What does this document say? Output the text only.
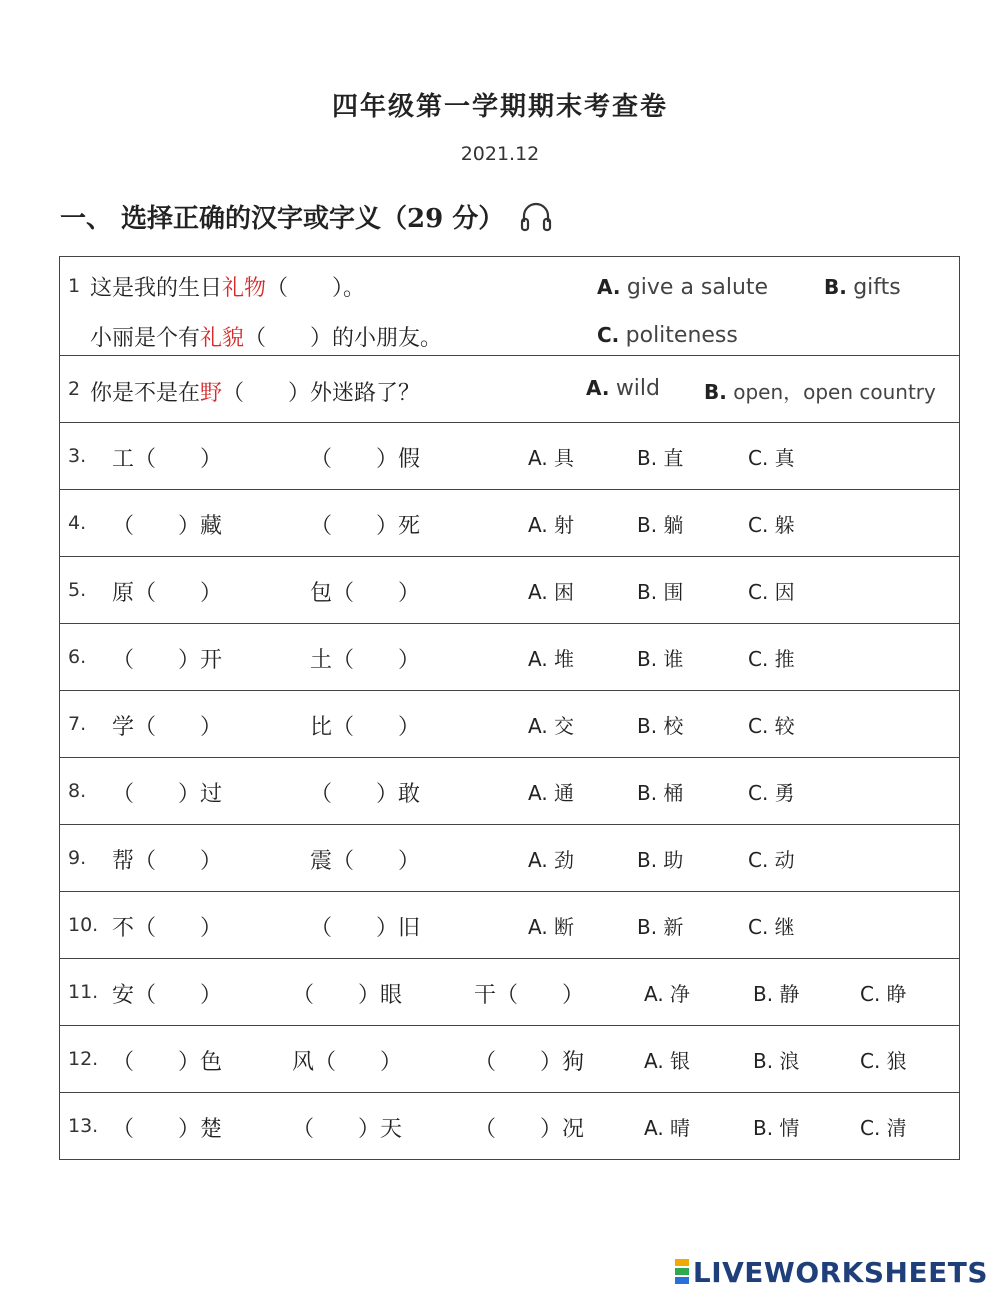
四年级第一学期期末考查卷
2021.12
一、 选择正确的汉字或字义（29 分）
1 这是我的生日礼物（　　）。
小丽是个有礼貌（　　）的小朋友。
A. give a salute	B. gifts
C. politeness

2 你是不是在野（　　）外迷路了？	A. wild B. open，open country

3. 工（　　）	（　　）假	A. 具	B. 直	C. 真

4. （　　）藏	（　　）死	A. 射	B. 躺	C. 躲

5. 原（　　）	包（　　）	A. 困	B. 围	C. 因

6. （　　）开	土（　　）	A. 堆	B. 谁	C. 推

7. 学（　　）	比（　　）	A. 交	B. 校	C. 较

8. （　　）过	（　　）敢	A. 通	B. 桶	C. 勇

9. 帮（　　）	震（　　）	A. 劲	B. 助	C. 动

10. 不（　　）	（　　）旧	A. 断	B. 新	C. 继

11. 安（　　）	（　　）眼	干（　　）	A. 净	B. 静	C. 睁

12. （　　）色	风（　　）	（　　）狗	A. 银	B. 浪	C. 狼

13. （　　）楚	（　　）天	（　　）况	A. 晴	B. 情	C. 清
LIVEWORKSHEETS
